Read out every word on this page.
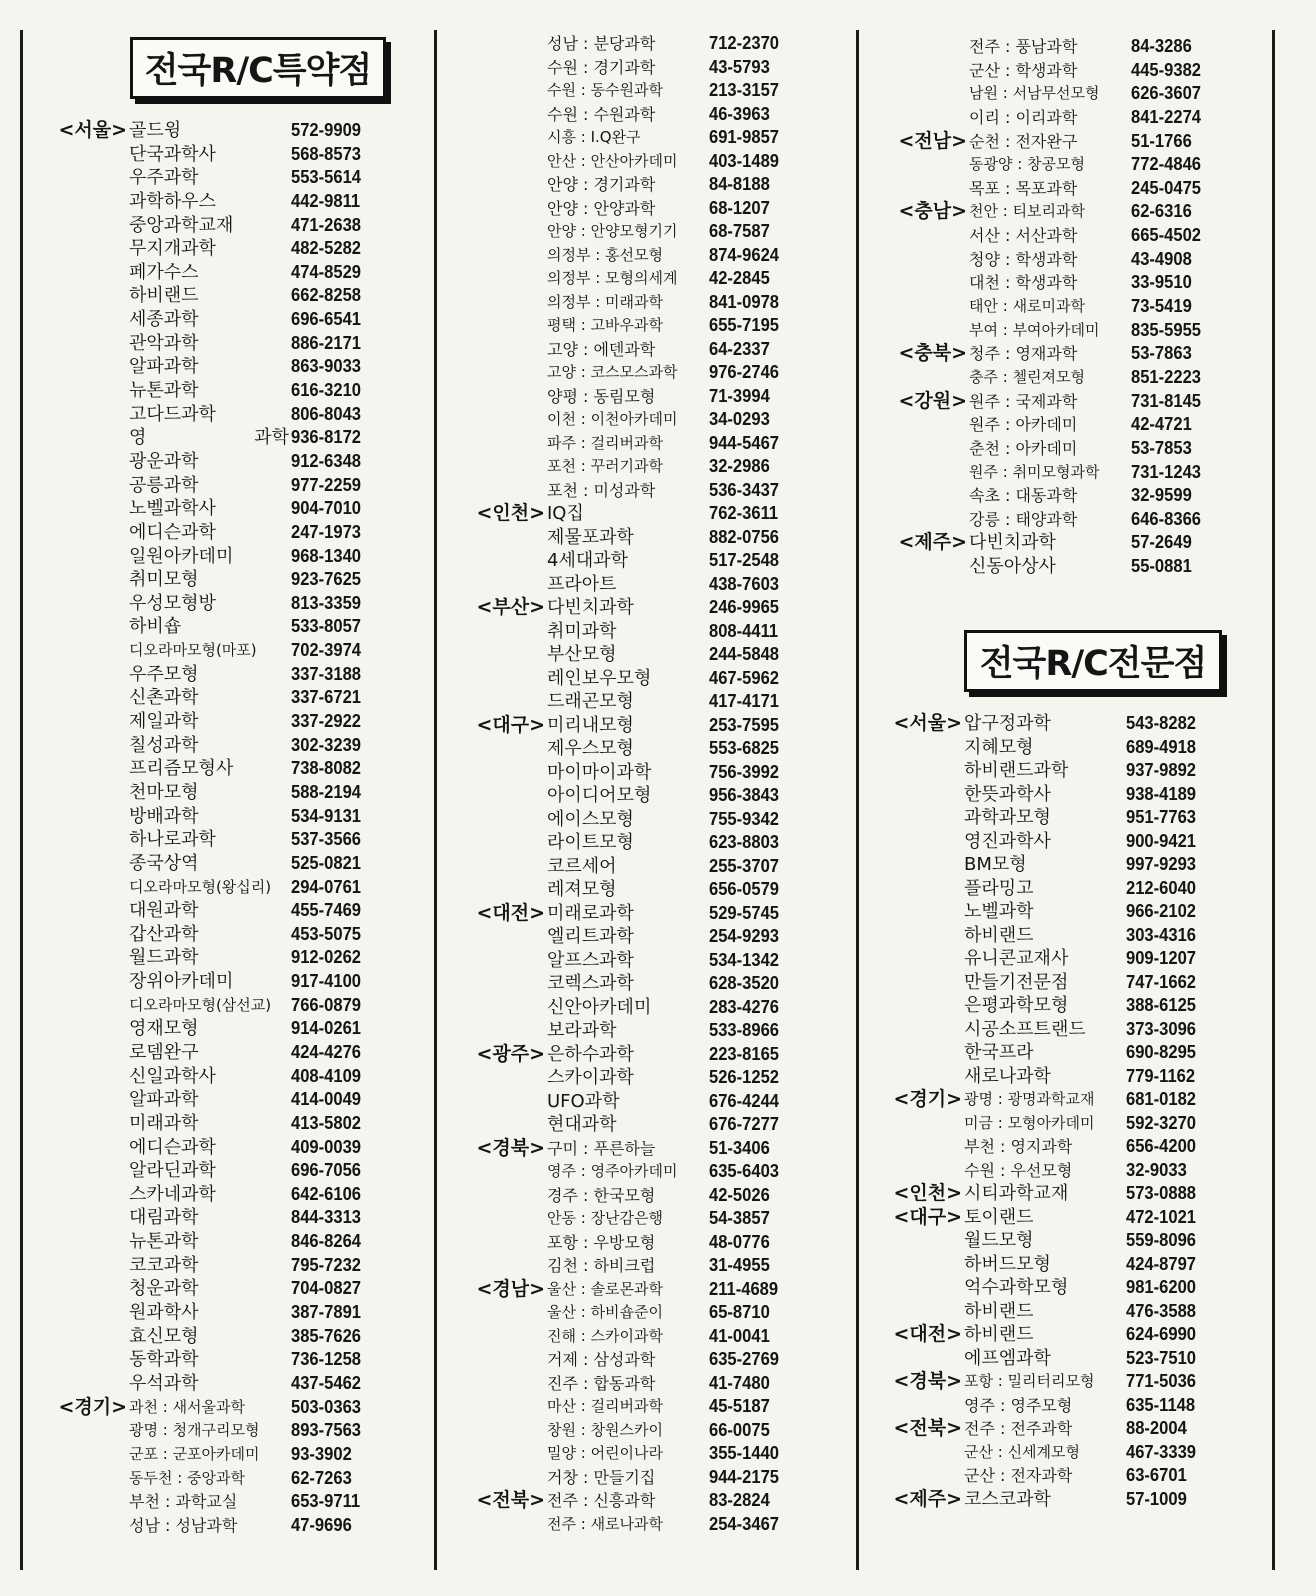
전국R/C특약점
<서울> 골드윙	572-9909
단국과학사	568-8573
우주과학	553-5614
과학하우스	442-9811
중앙과학교재	471-2638
무지개과학	482-5282
페가수스	474-8529
하비랜드	662-8258
세종과학	696-6541
관악과학	886-2171
알파과학	863-9033
뉴톤과학	616-3210
고다드과학	806-8043
영 과학 936-8172
광운과학	912-6348
공릉과학	977-2259
노벨과학사	904-7010
에디슨과학	247-1973
일원아카데미	968-1340
취미모형	923-7625
우성모형방	813-3359
하비숍	533-8057
디오라마모형(마포)	702-3974
우주모형	337-3188
신촌과학	337-6721
제일과학	337-2922
칠성과학	302-3239
프리즘모형사	738-8082
천마모형	588-2194
방배과학	534-9131
하나로과학	537-3566
종국상역	525-0821
디오라마모형(왕십리)	294-0761
대원과학	455-7469
갑산과학	453-5075
월드과학	912-0262
장위아카데미	917-4100
디오라마모형(삼선교)	766-0879
영재모형	914-0261
로뎀완구	424-4276
신일과학사	408-4109
알파과학	414-0049
미래과학	413-5802
에디슨과학	409-0039
알라딘과학	696-7056
스카네과학	642-6106
대림과학	844-3313
뉴톤과학	846-8264
코코과학	795-7232
청운과학	704-0827
원과학사	387-7891
효신모형	385-7626
동학과학	736-1258
우석과학	437-5462
<경기> 과천 : 새서울과학	503-0363
광명 : 청개구리모형	893-7563
군포 : 군포아카데미	93-3902
동두천 : 중앙과학	62-7263
부천 : 과학교실	653-9711
성남 : 성남과학	47-9696
성남 : 분당과학	712-2370
수원 : 경기과학	43-5793
수원 : 동수원과학	213-3157
수원 : 수원과학	46-3963
시흥 : I.Q완구	691-9857
안산 : 안산아카데미	403-1489
안양 : 경기과학	84-8188
안양 : 안양과학	68-1207
안양 : 안양모형기기	68-7587
의정부 : 홍선모형	874-9624
의정부 : 모형의세계	42-2845
의정부 : 미래과학	841-0978
평택 : 고바우과학	655-7195
고양 : 에덴과학	64-2337
고양 : 코스모스과학	976-2746
양평 : 동림모형	71-3994
이천 : 이천아카데미	34-0293
파주 : 걸리버과학	944-5467
포천 : 꾸러기과학	32-2986
포천 : 미성과학	536-3437
<인천> IQ집	762-3611
제물포과학	882-0756
4세대과학	517-2548
프라아트	438-7603
<부산> 다빈치과학	246-9965
취미과학	808-4411
부산모형	244-5848
레인보우모형	467-5962
드래곤모형	417-4171
<대구> 미리내모형	253-7595
제우스모형	553-6825
마이마이과학	756-3992
아이디어모형	956-3843
에이스모형	755-9342
라이트모형	623-8803
코르세어	255-3707
레져모형	656-0579
<대전> 미래로과학	529-5745
엘리트과학	254-9293
알프스과학	534-1342
코렉스과학	628-3520
신안아카데미	283-4276
보라과학	533-8966
<광주> 은하수과학	223-8165
스카이과학	526-1252
UFO과학	676-4244
현대과학	676-7277
<경북> 구미 : 푸른하늘	51-3406
영주 : 영주아카데미	635-6403
경주 : 한국모형	42-5026
안동 : 장난감은행	54-3857
포항 : 우방모형	48-0776
김천 : 하비크럽	31-4955
<경남> 울산 : 솔로몬과학	211-4689
울산 : 하비숍준이	65-8710
진해 : 스카이과학	41-0041
거제 : 삼성과학	635-2769
진주 : 합동과학	41-7480
마산 : 걸리버과학	45-5187
창원 : 창원스카이	66-0075
밀양 : 어린이나라	355-1440
거창 : 만들기집	944-2175
<전북> 전주 : 신흥과학	83-2824
전주 : 새로나과학	254-3467
전주 : 풍남과학	84-3286
군산 : 학생과학	445-9382
남원 : 서남무선모형	626-3607
이리 : 이리과학	841-2274
<전남> 순천 : 전자완구	51-1766
동광양 : 창공모형	772-4846
목포 : 목포과학	245-0475
<충남> 천안 : 티보리과학	62-6316
서산 : 서산과학	665-4502
청양 : 학생과학	43-4908
대천 : 학생과학	33-9510
태안 : 새로미과학	73-5419
부여 : 부여아카데미	835-5955
<충북> 청주 : 영재과학	53-7863
충주 : 첼린져모형	851-2223
<강원> 원주 : 국제과학	731-8145
원주 : 아카데미	42-4721
춘천 : 아카데미	53-7853
원주 : 취미모형과학	731-1243
속초 : 대동과학	32-9599
강릉 : 태양과학	646-8366
<제주> 다빈치과학	57-2649
신동아상사	55-0881
전국R/C전문점
<서울> 압구정과학	543-8282
지혜모형	689-4918
하비랜드과학	937-9892
한뜻과학사	938-4189
과학과모형	951-7763
영진과학사	900-9421
BM모형	997-9293
플라밍고	212-6040
노벨과학	966-2102
하비랜드	303-4316
유니콘교재사	909-1207
만들기전문점	747-1662
은평과학모형	388-6125
시공소프트랜드	373-3096
한국프라	690-8295
새로나과학	779-1162
<경기> 광명 : 광명과학교재	681-0182
미금 : 모형아카데미	592-3270
부천 : 영지과학	656-4200
수원 : 우선모형	32-9033
<인천> 시티과학교재	573-0888
<대구> 토이랜드	472-1021
월드모형	559-8096
하버드모형	424-8797
억수과학모형	981-6200
하비랜드	476-3588
<대전> 하비랜드	624-6990
에프엠과학	523-7510
<경북> 포항 : 밀리터리모형	771-5036
영주 : 영주모형	635-1148
<전북> 전주 : 전주과학	88-2004
군산 : 신세계모형	467-3339
군산 : 전자과학	63-6701
<제주> 코스코과학	57-1009
